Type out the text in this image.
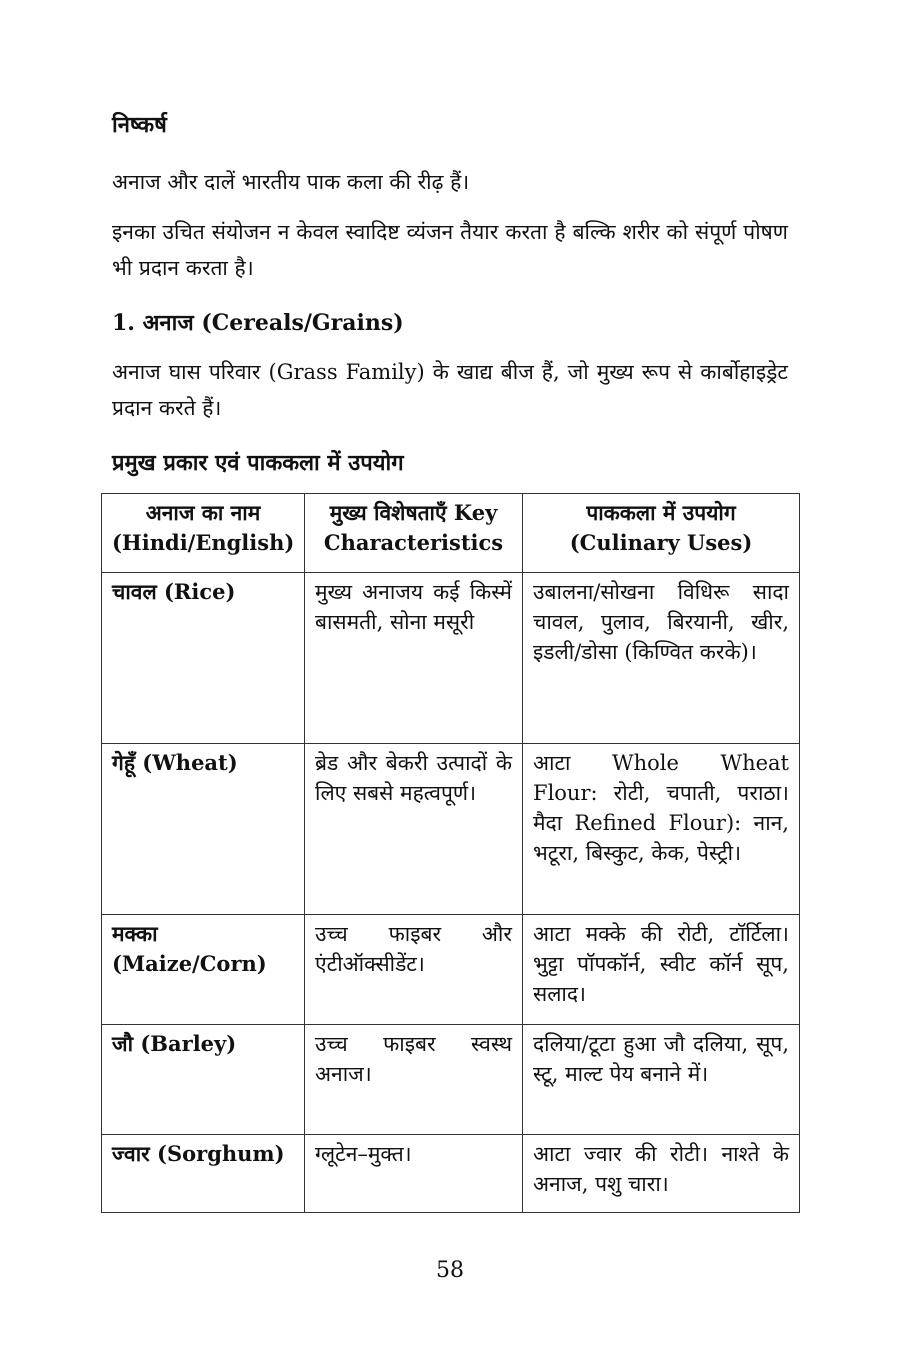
निष्कर्ष

अनाज और दालें भारतीय पाक कला की रीढ़ हैं।

इनका उचित संयोजन न केवल स्वादिष्ट व्यंजन तैयार करता है बल्कि शरीर को संपूर्ण पोषण भी प्रदान करता है।

1. अनाज (Cereals/Grains)

अनाज घास परिवार (Grass Family) के खाद्य बीज हैं, जो मुख्य रूप से कार्बोहाइड्रेट प्रदान करते हैं।

प्रमुख प्रकार एवं पाककला में उपयोग
अनाज का नाम (Hindi/English)	मुख्य विशेषताएँ Key Characteristics	पाककला में उपयोग (Culinary Uses)
चावल (Rice)	मुख्य अनाजय कई किस्में बासमती, सोना मसूरी	उबालना/सोखना विधिरू सादा चावल, पुलाव, बिरयानी, खीर, इडली/डोसा (किण्वित करके)।
गेहूँ (Wheat)	ब्रेड और बेकरी उत्पादों के लिए सबसे महत्वपूर्ण।	आटा Whole Wheat Flour: रोटी, चपाती, पराठा। मैदा Refined Flour): नान, भटूरा, बिस्कुट, केक, पेस्ट्री।
मक्का (Maize/Corn)	उच्च फाइबर और एंटीऑक्सीडेंट।	आटा मक्के की रोटी, टॉर्टिला। भुट्टा पॉपकॉर्न, स्वीट कॉर्न सूप, सलाद।
जौ (Barley)	उच्च फाइबर स्वस्थ अनाज।	दलिया/टूटा हुआ जौ दलिया, सूप, स्टू, माल्ट पेय बनाने में।
ज्वार (Sorghum)	ग्लूटेन–मुक्त।	आटा ज्वार की रोटी। नाश्ते के अनाज, पशु चारा।
58
